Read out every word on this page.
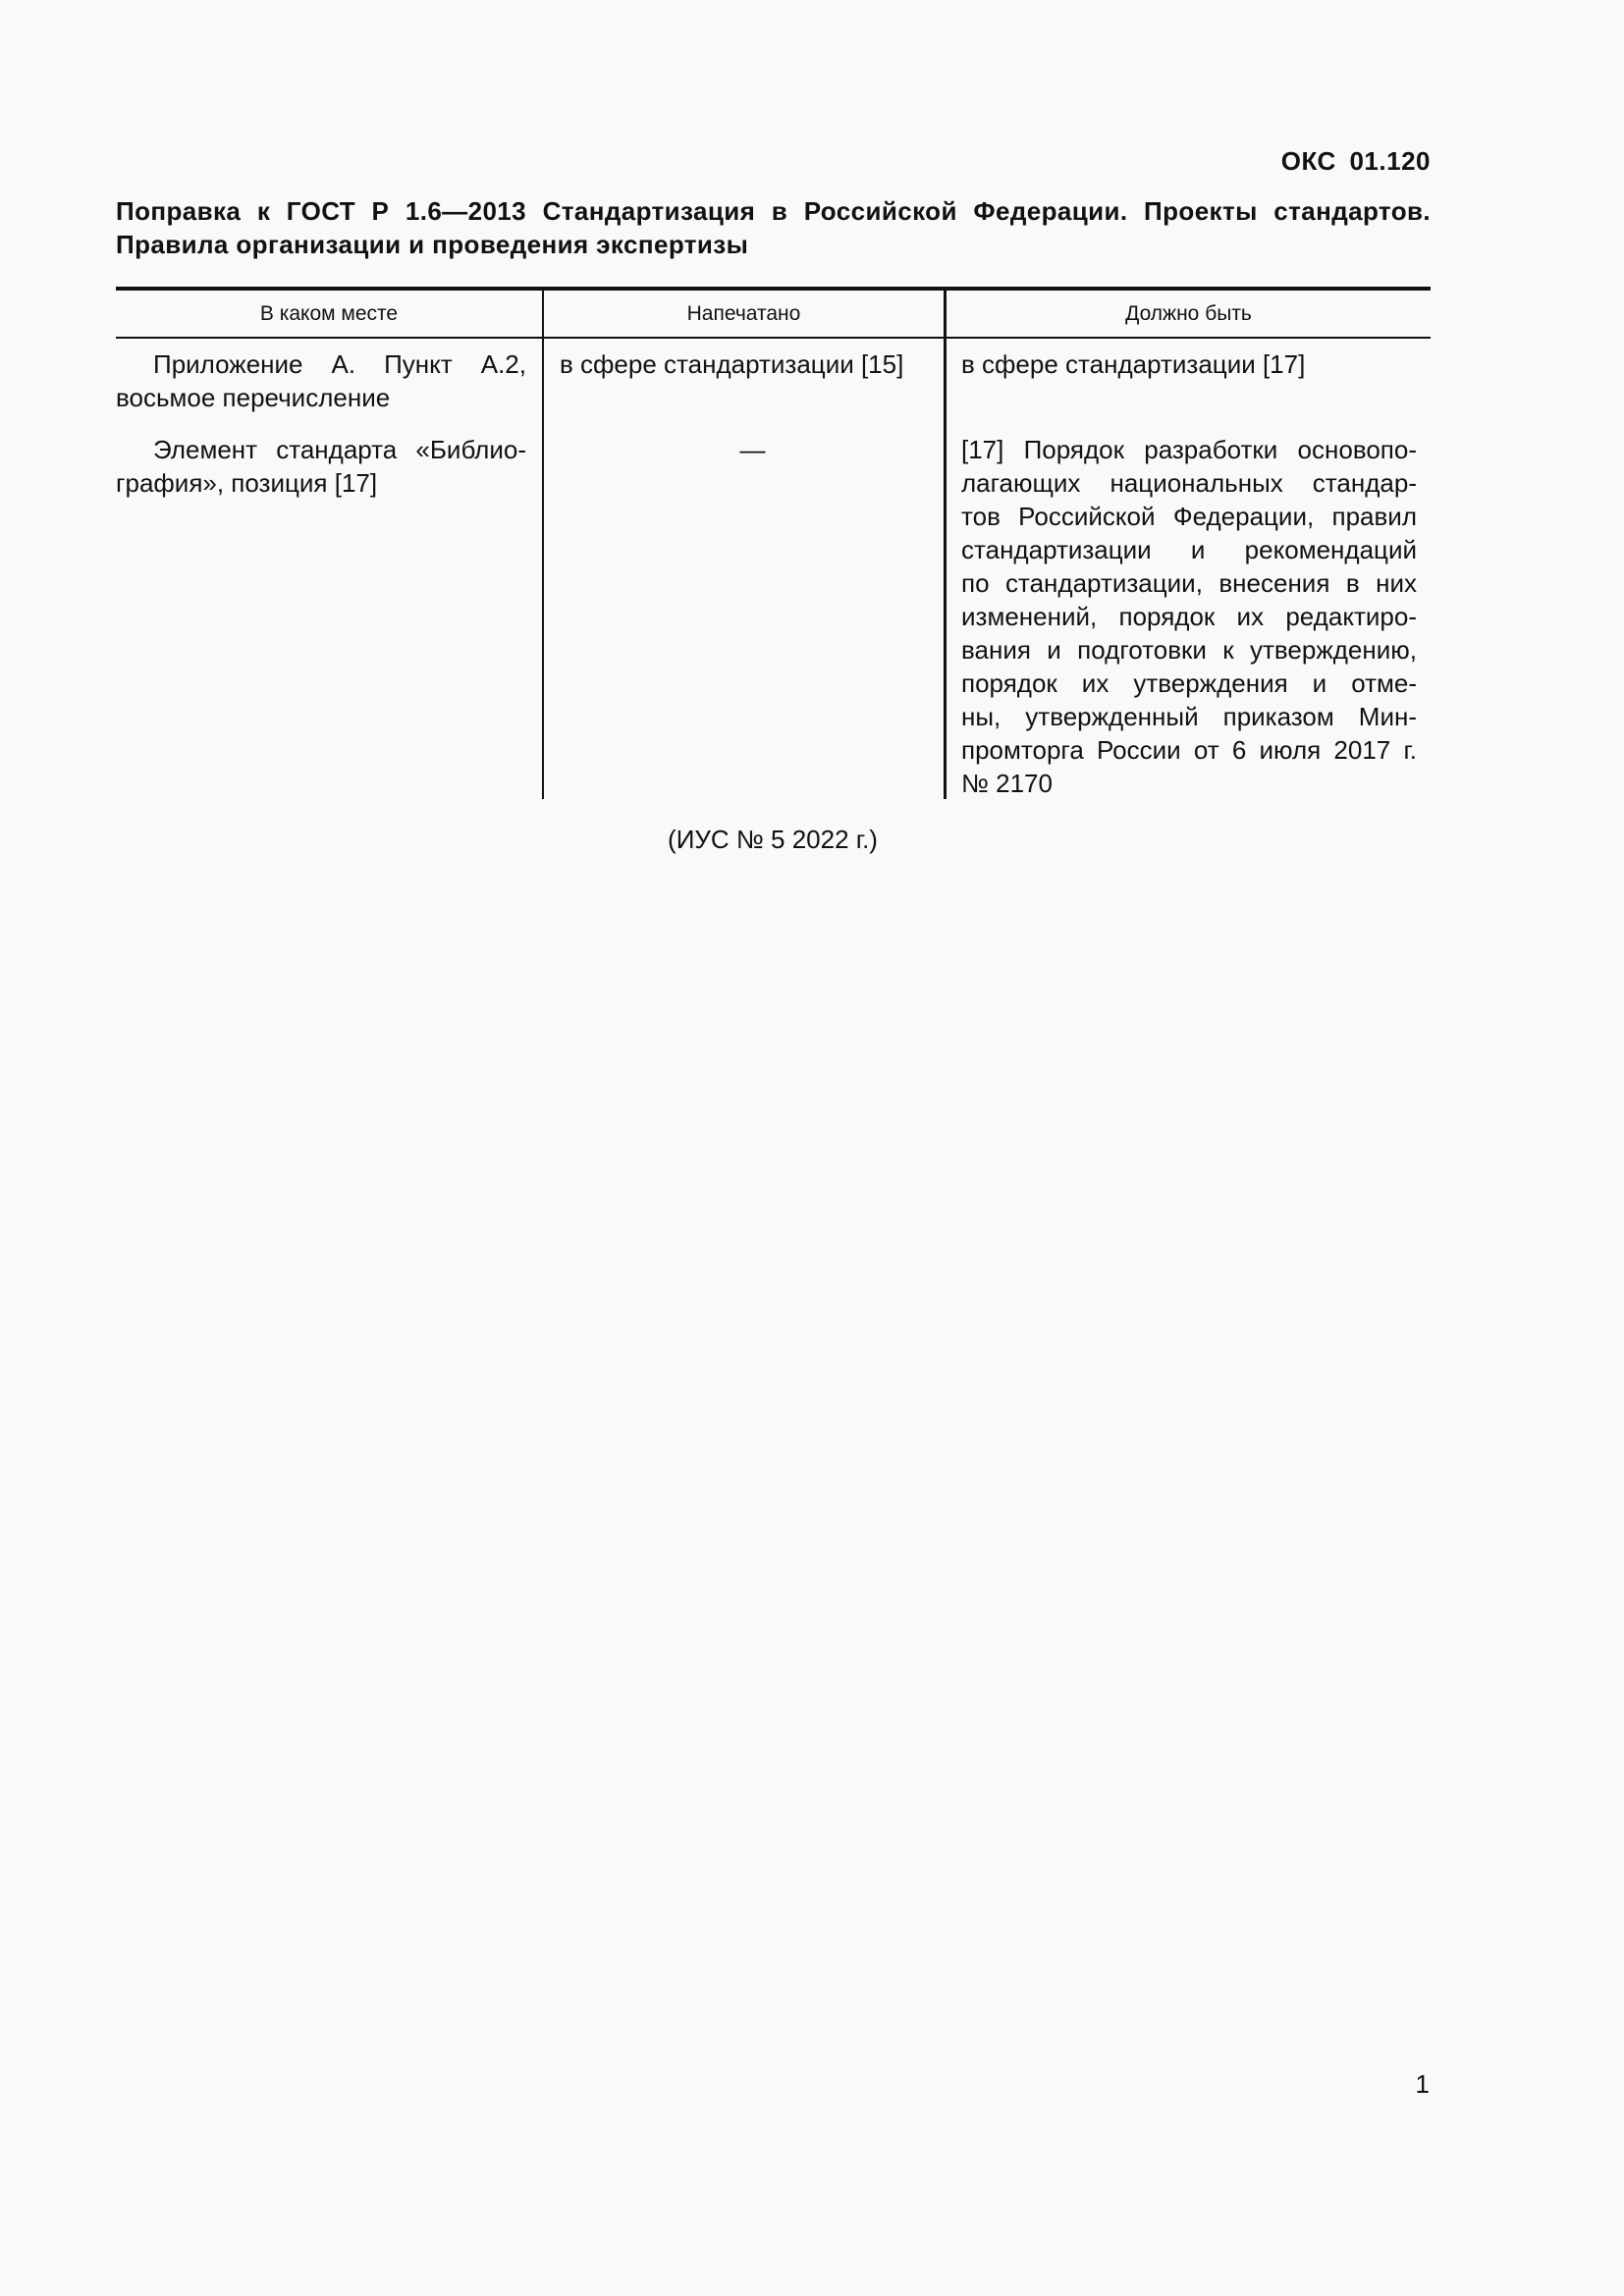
ОКС 01.120
Поправка к ГОСТ Р 1.6—2013 Стандартизация в Российской Федерации. Проекты стандартов.
Правила организации и проведения экспертизы
В каком месте	Напечатано	Должно быть
Приложение А. Пункт А.2, восьмое перечисление
Элемент стандарта «Библио-графия», позиция [17]
в сфере стандартизации [15]
—
в сфере стандартизации [17]
[17] Порядок разработки основопо-
лагающих национальных стандар-
тов Российской Федерации, правил
стандартизации и рекомендаций
по стандартизации, внесения в них
изменений, порядок их редактиро-
вания и подготовки к утверждению,
порядок их утверждения и отме-
ны, утвержденный приказом Мин-
промторга России от 6 июля 2017 г.
№ 2170
(ИУС № 5 2022 г.)
1
